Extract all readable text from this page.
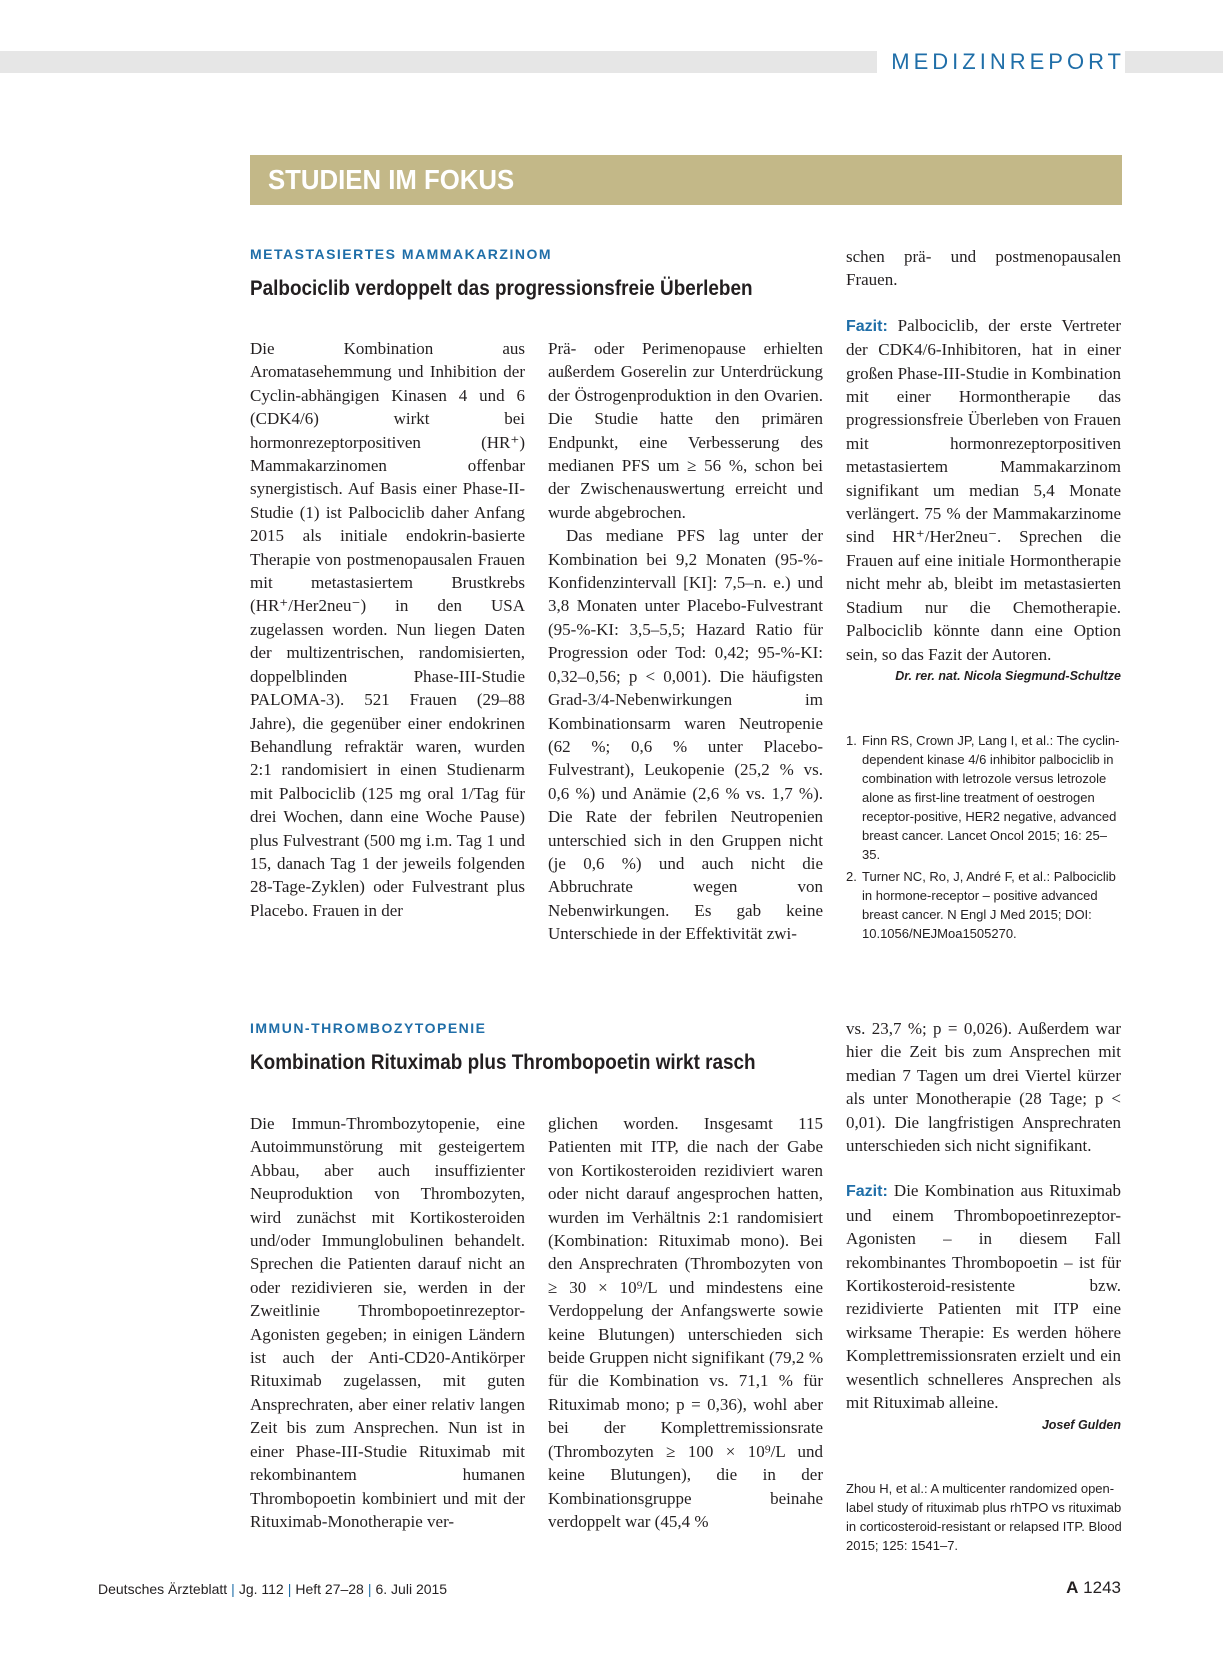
MEDIZINREPORT
STUDIEN IM FOKUS
METASTASIERTES MAMMAKARZINOM
Palbociclib verdoppelt das progressionsfreie Überleben

Die Kombination aus Aromatasehemmung und Inhibition der Cyclin-abhängigen Kinasen 4 und 6 (CDK4/6) wirkt bei hormonrezeptorpositiven (HR⁺) Mammakarzinomen offenbar synergistisch. Auf Basis einer Phase-II-Studie (1) ist Palbociclib daher Anfang 2015 als initiale endokrin-basierte Therapie von postmenopausalen Frauen mit metastasiertem Brustkrebs (HR⁺/Her2neu⁻) in den USA zugelassen worden. Nun liegen Daten der multizentrischen, randomisierten, doppelblinden Phase-III-Studie PALOMA-3). 521 Frauen (29–88 Jahre), die gegenüber einer endokrinen Behandlung refraktär waren, wurden 2:1 randomisiert in einen Studienarm mit Palbociclib (125 mg oral 1/Tag für drei Wochen, dann eine Woche Pause) plus Fulvestrant (500 mg i.m. Tag 1 und 15, danach Tag 1 der jeweils folgenden 28-Tage-Zyklen) oder Fulvestrant plus Placebo. Frauen in der

Prä- oder Perimenopause erhielten außerdem Goserelin zur Unterdrückung der Östrogenproduktion in den Ovarien. Die Studie hatte den primären Endpunkt, eine Verbesserung des medianen PFS um ≥ 56 %, schon bei der Zwischenauswertung erreicht und wurde abgebrochen.

Das mediane PFS lag unter der Kombination bei 9,2 Monaten (95-%-Konfidenzintervall [KI]: 7,5–n. e.) und 3,8 Monaten unter Placebo-Fulvestrant (95-%-KI: 3,5–5,5; Hazard Ratio für Progression oder Tod: 0,42; 95-%-KI: 0,32–0,56; p < 0,001). Die häufigsten Grad-3/4-Nebenwirkungen im Kombinationsarm waren Neutropenie (62 %; 0,6 % unter Placebo-Fulvestrant), Leukopenie (25,2 % vs. 0,6 %) und Anämie (2,6 % vs. 1,7 %). Die Rate der febrilen Neutropenien unterschied sich in den Gruppen nicht (je 0,6 %) und auch nicht die Abbruchrate wegen von Nebenwirkungen. Es gab keine Unterschiede in der Effektivität zwi-

schen prä- und postmenopausalen Frauen.

Fazit: Palbociclib, der erste Vertreter der CDK4/6-Inhibitoren, hat in einer großen Phase-III-Studie in Kombination mit einer Hormontherapie das progressionsfreie Überleben von Frauen mit hormonrezeptorpositiven metastasiertem Mammakarzinom signifikant um median 5,4 Monate verlängert. 75 % der Mammakarzinome sind HR⁺/Her2neu⁻. Sprechen die Frauen auf eine initiale Hormontherapie nicht mehr ab, bleibt im metastasierten Stadium nur die Chemotherapie. Palbociclib könnte dann eine Option sein, so das Fazit der Autoren.

Dr. rer. nat. Nicola Siegmund-Schultze
1. Finn RS, Crown JP, Lang I, et al.: The cyclin-dependent kinase 4/6 inhibitor palbociclib in combination with letrozole versus letrozole alone as first-line treatment of oestrogen receptor-positive, HER2 negative, advanced breast cancer. Lancet Oncol 2015; 16: 25–35.
2. Turner NC, Ro, J, André F, et al.: Palbociclib in hormone-receptor – positive advanced breast cancer. N Engl J Med 2015; DOI: 10.1056/NEJMoa1505270.
IMMUN-THROMBOZYTOPENIE
Kombination Rituximab plus Thrombopoetin wirkt rasch

Die Immun-Thrombozytopenie, eine Autoimmunstörung mit gesteigertem Abbau, aber auch insuffizienter Neuproduktion von Thrombozyten, wird zunächst mit Kortikosteroiden und/oder Immunglobulinen behandelt. Sprechen die Patienten darauf nicht an oder rezidivieren sie, werden in der Zweitlinie Thrombopoetinrezeptor-Agonisten gegeben; in einigen Ländern ist auch der Anti-CD20-Antikörper Rituximab zugelassen, mit guten Ansprechraten, aber einer relativ langen Zeit bis zum Ansprechen. Nun ist in einer Phase-III-Studie Rituximab mit rekombinantem humanen Thrombopoetin kombiniert und mit der Rituximab-Monotherapie ver-

glichen worden. Insgesamt 115 Patienten mit ITP, die nach der Gabe von Kortikosteroiden rezidiviert waren oder nicht darauf angesprochen hatten, wurden im Verhältnis 2:1 randomisiert (Kombination: Rituximab mono). Bei den Ansprechraten (Thrombozyten von ≥ 30 × 10⁹/L und mindestens eine Verdoppelung der Anfangswerte sowie keine Blutungen) unterschieden sich beide Gruppen nicht signifikant (79,2 % für die Kombination vs. 71,1 % für Rituximab mono; p = 0,36), wohl aber bei der Komplettremissionsrate (Thrombozyten ≥ 100 × 10⁹/L und keine Blutungen), die in der Kombinationsgruppe beinahe verdoppelt war (45,4 %

vs. 23,7 %; p = 0,026). Außerdem war hier die Zeit bis zum Ansprechen mit median 7 Tagen um drei Viertel kürzer als unter Monotherapie (28 Tage; p < 0,01). Die langfristigen Ansprechraten unterschieden sich nicht signifikant.

Fazit: Die Kombination aus Rituximab und einem Thrombopoetinrezeptor-Agonisten – in diesem Fall rekombinantes Thrombopoetin – ist für Kortikosteroid-resistente bzw. rezidivierte Patienten mit ITP eine wirksame Therapie: Es werden höhere Komplettremissionsraten erzielt und ein wesentlich schnelleres Ansprechen als mit Rituximab alleine.

Josef Gulden
Zhou H, et al.: A multicenter randomized open-label study of rituximab plus rhTPO vs rituximab in corticosteroid-resistant or relapsed ITP. Blood 2015; 125: 1541–7.
Deutsches Ärzteblatt | Jg. 112 | Heft 27–28 | 6. Juli 2015	A 1243
